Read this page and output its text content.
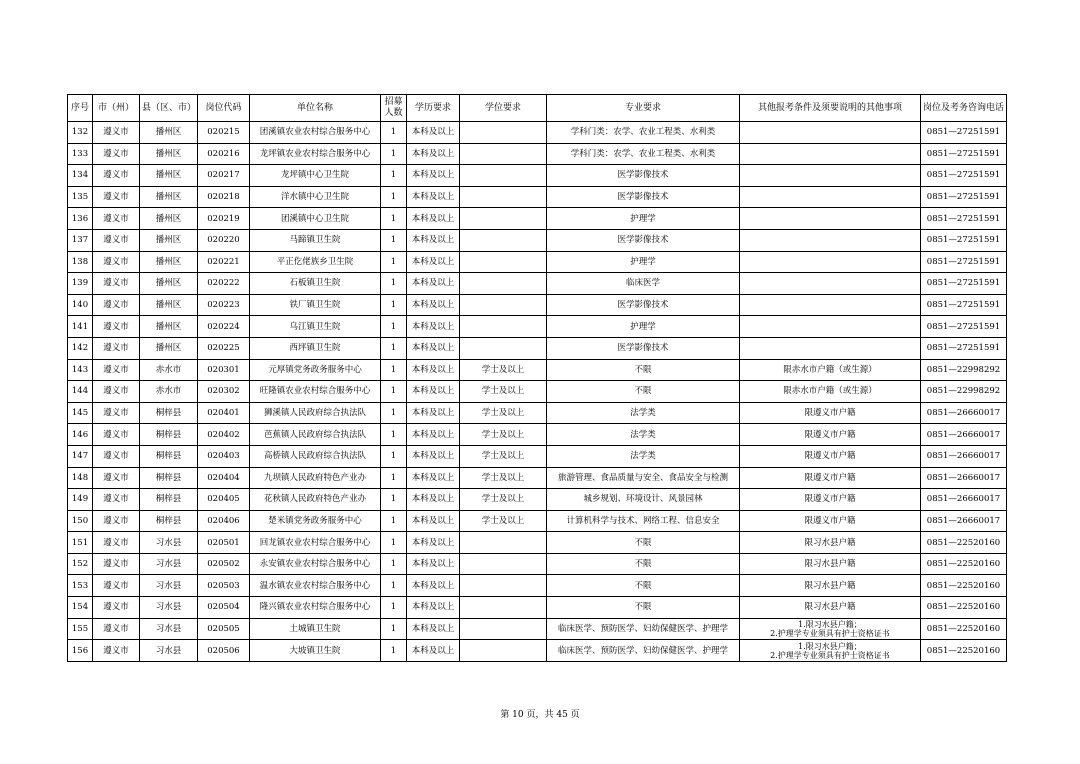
序号	市（州）	县（区、市）	岗位代码	单位名称	招募人数	学历要求	学位要求	专业要求	其他报考条件及须要说明的其他事项	岗位及考务咨询电话
132	遵义市	播州区	020215	团溪镇农业农村综合服务中心	1	本科及以上		学科门类：农学、农业工程类、水利类		0851—27251591
133	遵义市	播州区	020216	龙坪镇农业农村综合服务中心	1	本科及以上		学科门类：农学、农业工程类、水利类		0851—27251591
134	遵义市	播州区	020217	龙坪镇中心卫生院	1	本科及以上		医学影像技术		0851—27251591
135	遵义市	播州区	020218	洋水镇中心卫生院	1	本科及以上		医学影像技术		0851—27251591
136	遵义市	播州区	020219	团溪镇中心卫生院	1	本科及以上		护理学		0851—27251591
137	遵义市	播州区	020220	马蹄镇卫生院	1	本科及以上		医学影像技术		0851—27251591
138	遵义市	播州区	020221	平正仡佬族乡卫生院	1	本科及以上		护理学		0851—27251591
139	遵义市	播州区	020222	石板镇卫生院	1	本科及以上		临床医学		0851—27251591
140	遵义市	播州区	020223	铁厂镇卫生院	1	本科及以上		医学影像技术		0851—27251591
141	遵义市	播州区	020224	乌江镇卫生院	1	本科及以上		护理学		0851—27251591
142	遵义市	播州区	020225	西坪镇卫生院	1	本科及以上		医学影像技术		0851—27251591
143	遵义市	赤水市	020301	元厚镇党务政务服务中心	1	本科及以上	学士及以上	不限	限赤水市户籍（或生源）	0851—22998292
144	遵义市	赤水市	020302	旺隆镇农业农村综合服务中心	1	本科及以上	学士及以上	不限	限赤水市户籍（或生源）	0851—22998292
145	遵义市	桐梓县	020401	狮溪镇人民政府综合执法队	1	本科及以上	学士及以上	法学类	限遵义市户籍	0851—26660017
146	遵义市	桐梓县	020402	芭蕉镇人民政府综合执法队	1	本科及以上	学士及以上	法学类	限遵义市户籍	0851—26660017
147	遵义市	桐梓县	020403	高桥镇人民政府综合执法队	1	本科及以上	学士及以上	法学类	限遵义市户籍	0851—26660017
148	遵义市	桐梓县	020404	九坝镇人民政府特色产业办	1	本科及以上	学士及以上	旅游管理、食品质量与安全、食品安全与检测	限遵义市户籍	0851—26660017
149	遵义市	桐梓县	020405	花秋镇人民政府特色产业办	1	本科及以上	学士及以上	城乡规划、环境设计、风景园林	限遵义市户籍	0851—26660017
150	遵义市	桐梓县	020406	楚米镇党务政务服务中心	1	本科及以上	学士及以上	计算机科学与技术、网络工程、信息安全	限遵义市户籍	0851—26660017
151	遵义市	习水县	020501	回龙镇农业农村综合服务中心	1	本科及以上		不限	限习水县户籍	0851—22520160
152	遵义市	习水县	020502	永安镇农业农村综合服务中心	1	本科及以上		不限	限习水县户籍	0851—22520160
153	遵义市	习水县	020503	温水镇农业农村综合服务中心	1	本科及以上		不限	限习水县户籍	0851—22520160
154	遵义市	习水县	020504	隆兴镇农业农村综合服务中心	1	本科及以上		不限	限习水县户籍	0851—22520160
155	遵义市	习水县	020505	土城镇卫生院	1	本科及以上		临床医学、预防医学、妇幼保健医学、护理学	1.限习水县户籍；
2.护理学专业须具有护士资格证书	0851—22520160
156	遵义市	习水县	020506	大坡镇卫生院	1	本科及以上		临床医学、预防医学、妇幼保健医学、护理学	1.限习水县户籍；
2.护理学专业须具有护士资格证书	0851—22520160
第 10 页，共 45 页
